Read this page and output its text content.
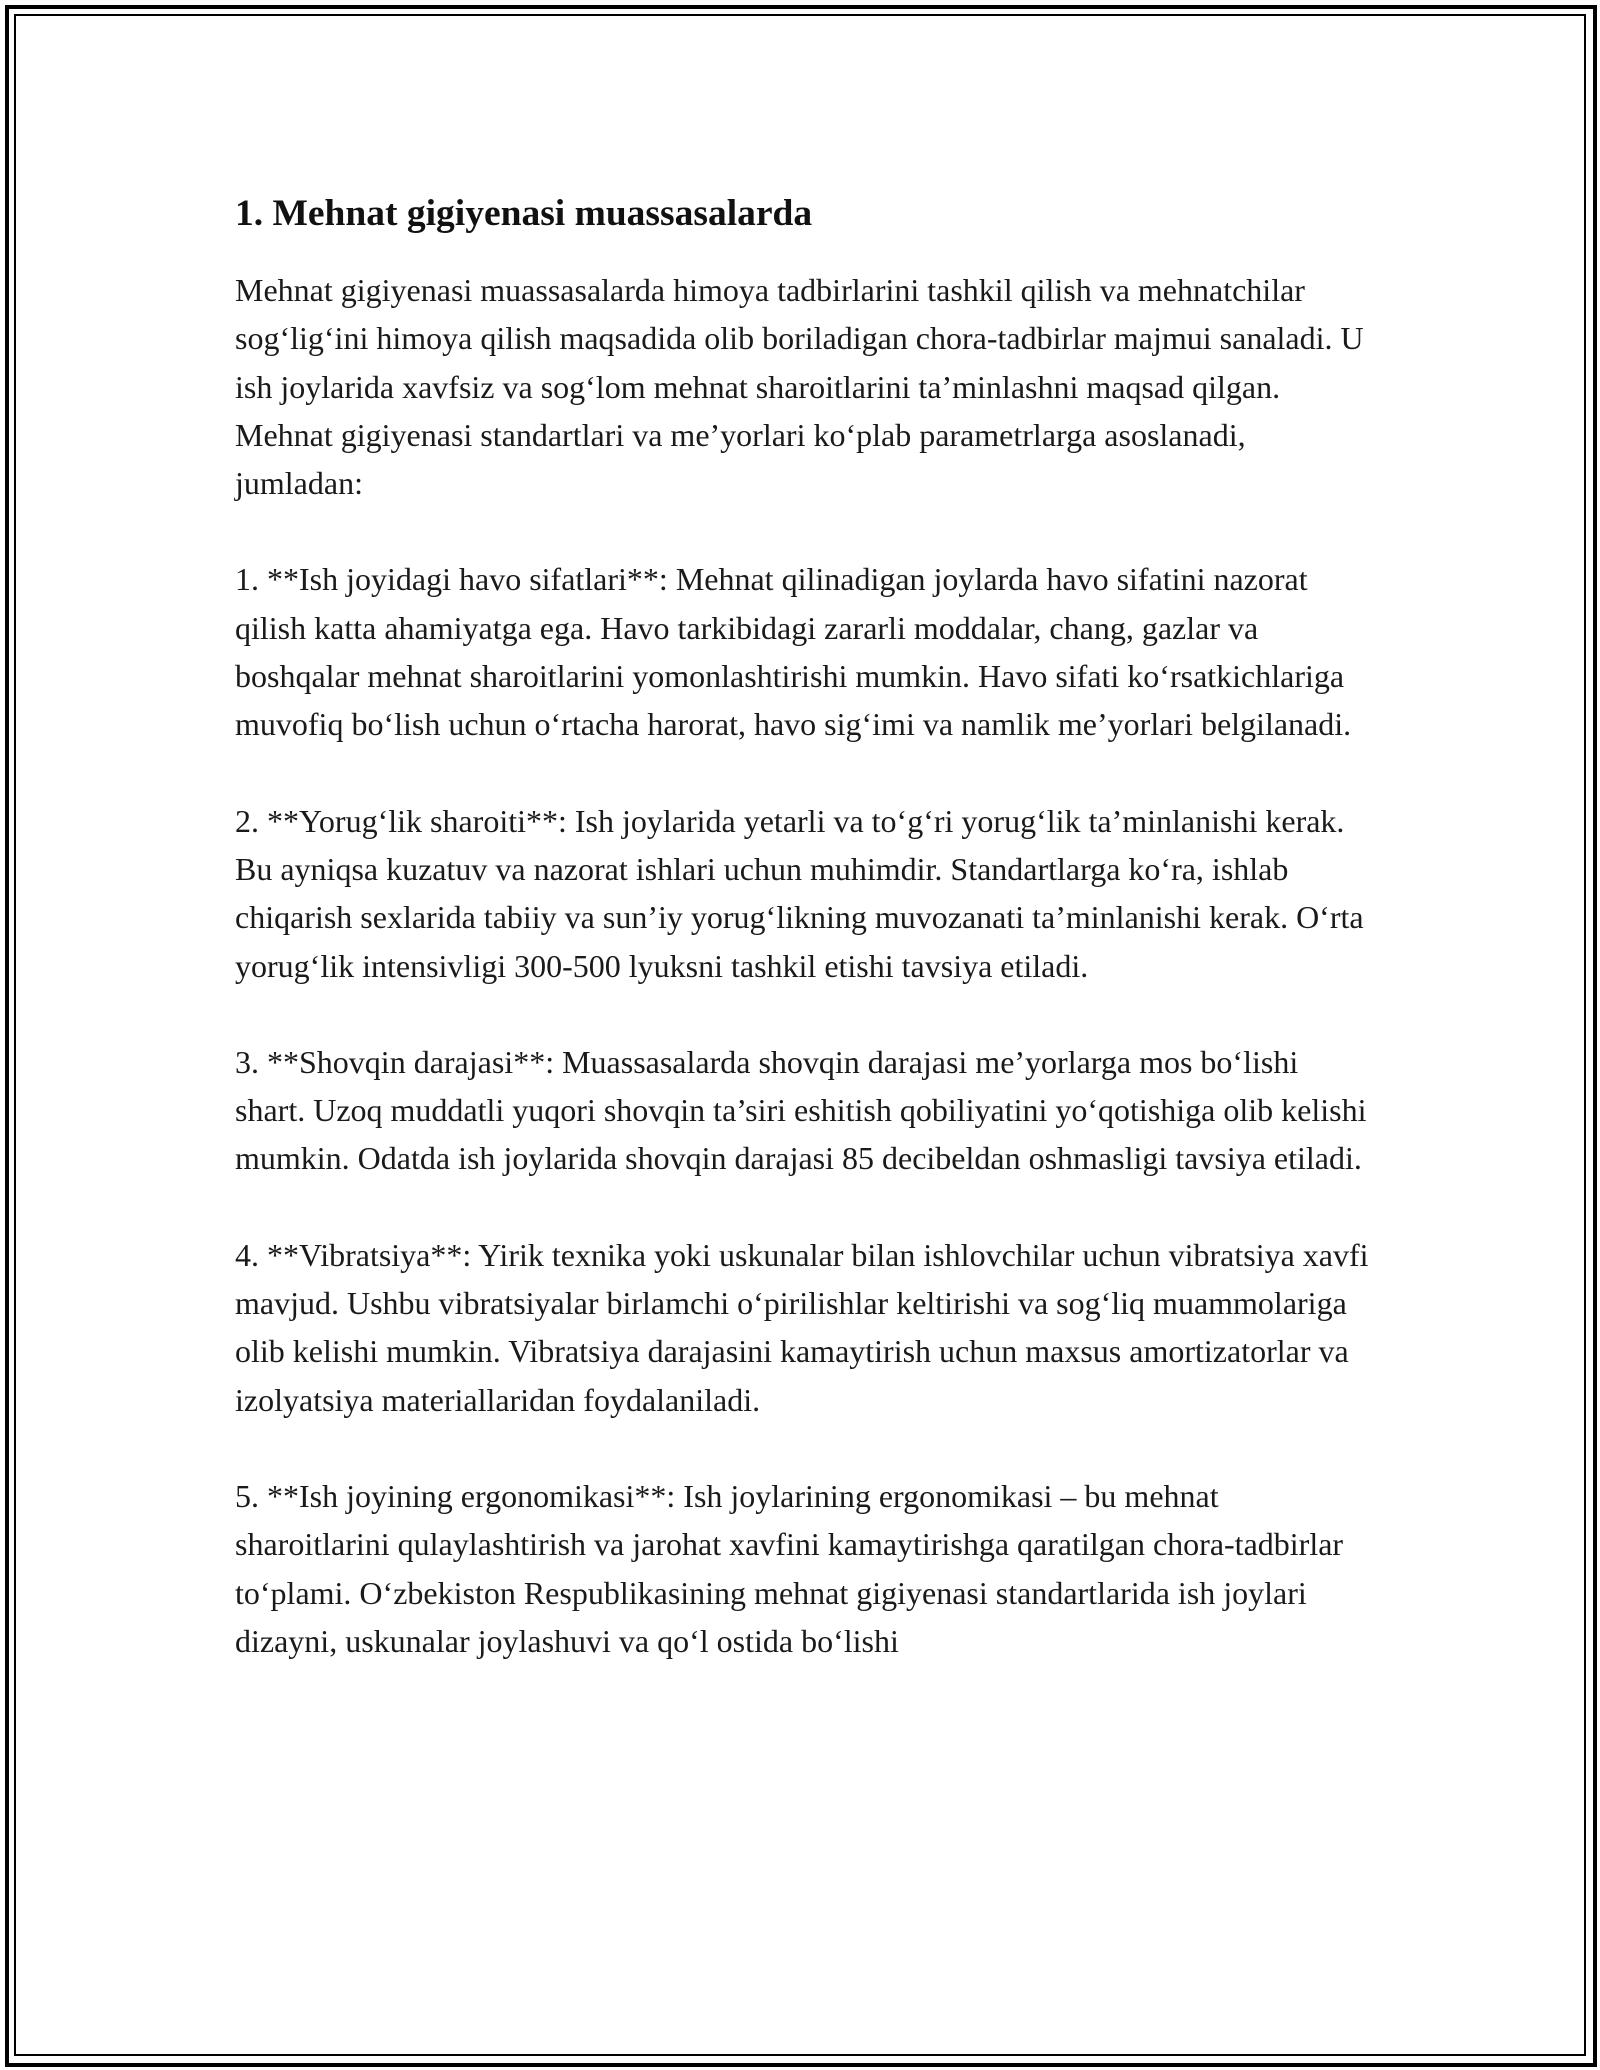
1. Mehnat gigiyenasi muassasalarda

Mehnat gigiyenasi muassasalarda himoya tadbirlarini tashkil qilish va mehnatchilar sog‘lig‘ini himoya qilish maqsadida olib boriladigan chora-tadbirlar majmui sanaladi. U ish joylarida xavfsiz va sog‘lom mehnat sharoitlarini ta’minlashni maqsad qilgan. Mehnat gigiyenasi standartlari va me’yorlari ko‘plab parametrlarga asoslanadi, jumladan:

1. **Ish joyidagi havo sifatlari**: Mehnat qilinadigan joylarda havo sifatini nazorat qilish katta ahamiyatga ega. Havo tarkibidagi zararli moddalar, chang, gazlar va boshqalar mehnat sharoitlarini yomonlashtirishi mumkin. Havo sifati ko‘rsatkichlariga muvofiq bo‘lish uchun o‘rtacha harorat, havo sig‘imi va namlik me’yorlari belgilanadi.

2. **Yorug‘lik sharoiti**: Ish joylarida yetarli va to‘g‘ri yorug‘lik ta’minlanishi kerak. Bu ayniqsa kuzatuv va nazorat ishlari uchun muhimdir. Standartlarga ko‘ra, ishlab chiqarish sexlarida tabiiy va sun’iy yorug‘likning muvozanati ta’minlanishi kerak. O‘rta yorug‘lik intensivligi 300-500 lyuksni tashkil etishi tavsiya etiladi.

3. **Shovqin darajasi**: Muassasalarda shovqin darajasi me’yorlarga mos bo‘lishi shart. Uzoq muddatli yuqori shovqin ta’siri eshitish qobiliyatini yo‘qotishiga olib kelishi mumkin. Odatda ish joylarida shovqin darajasi 85 decibeldan oshmasligi tavsiya etiladi.

4. **Vibratsiya**: Yirik texnika yoki uskunalar bilan ishlovchilar uchun vibratsiya xavfi mavjud. Ushbu vibratsiyalar birlamchi o‘pirilishlar keltirishi va sog‘liq muammolariga olib kelishi mumkin. Vibratsiya darajasini kamaytirish uchun maxsus amortizatorlar va izolyatsiya materiallaridan foydalaniladi.

5. **Ish joyining ergonomikasi**: Ish joylarining ergonomikasi – bu mehnat sharoitlarini qulaylashtirish va jarohat xavfini kamaytirishga qaratilgan chora-tadbirlar to‘plami. O‘zbekiston Respublikasining mehnat gigiyenasi standartlarida ish joylari dizayni, uskunalar joylashuvi va qo‘l ostida bo‘lishi
